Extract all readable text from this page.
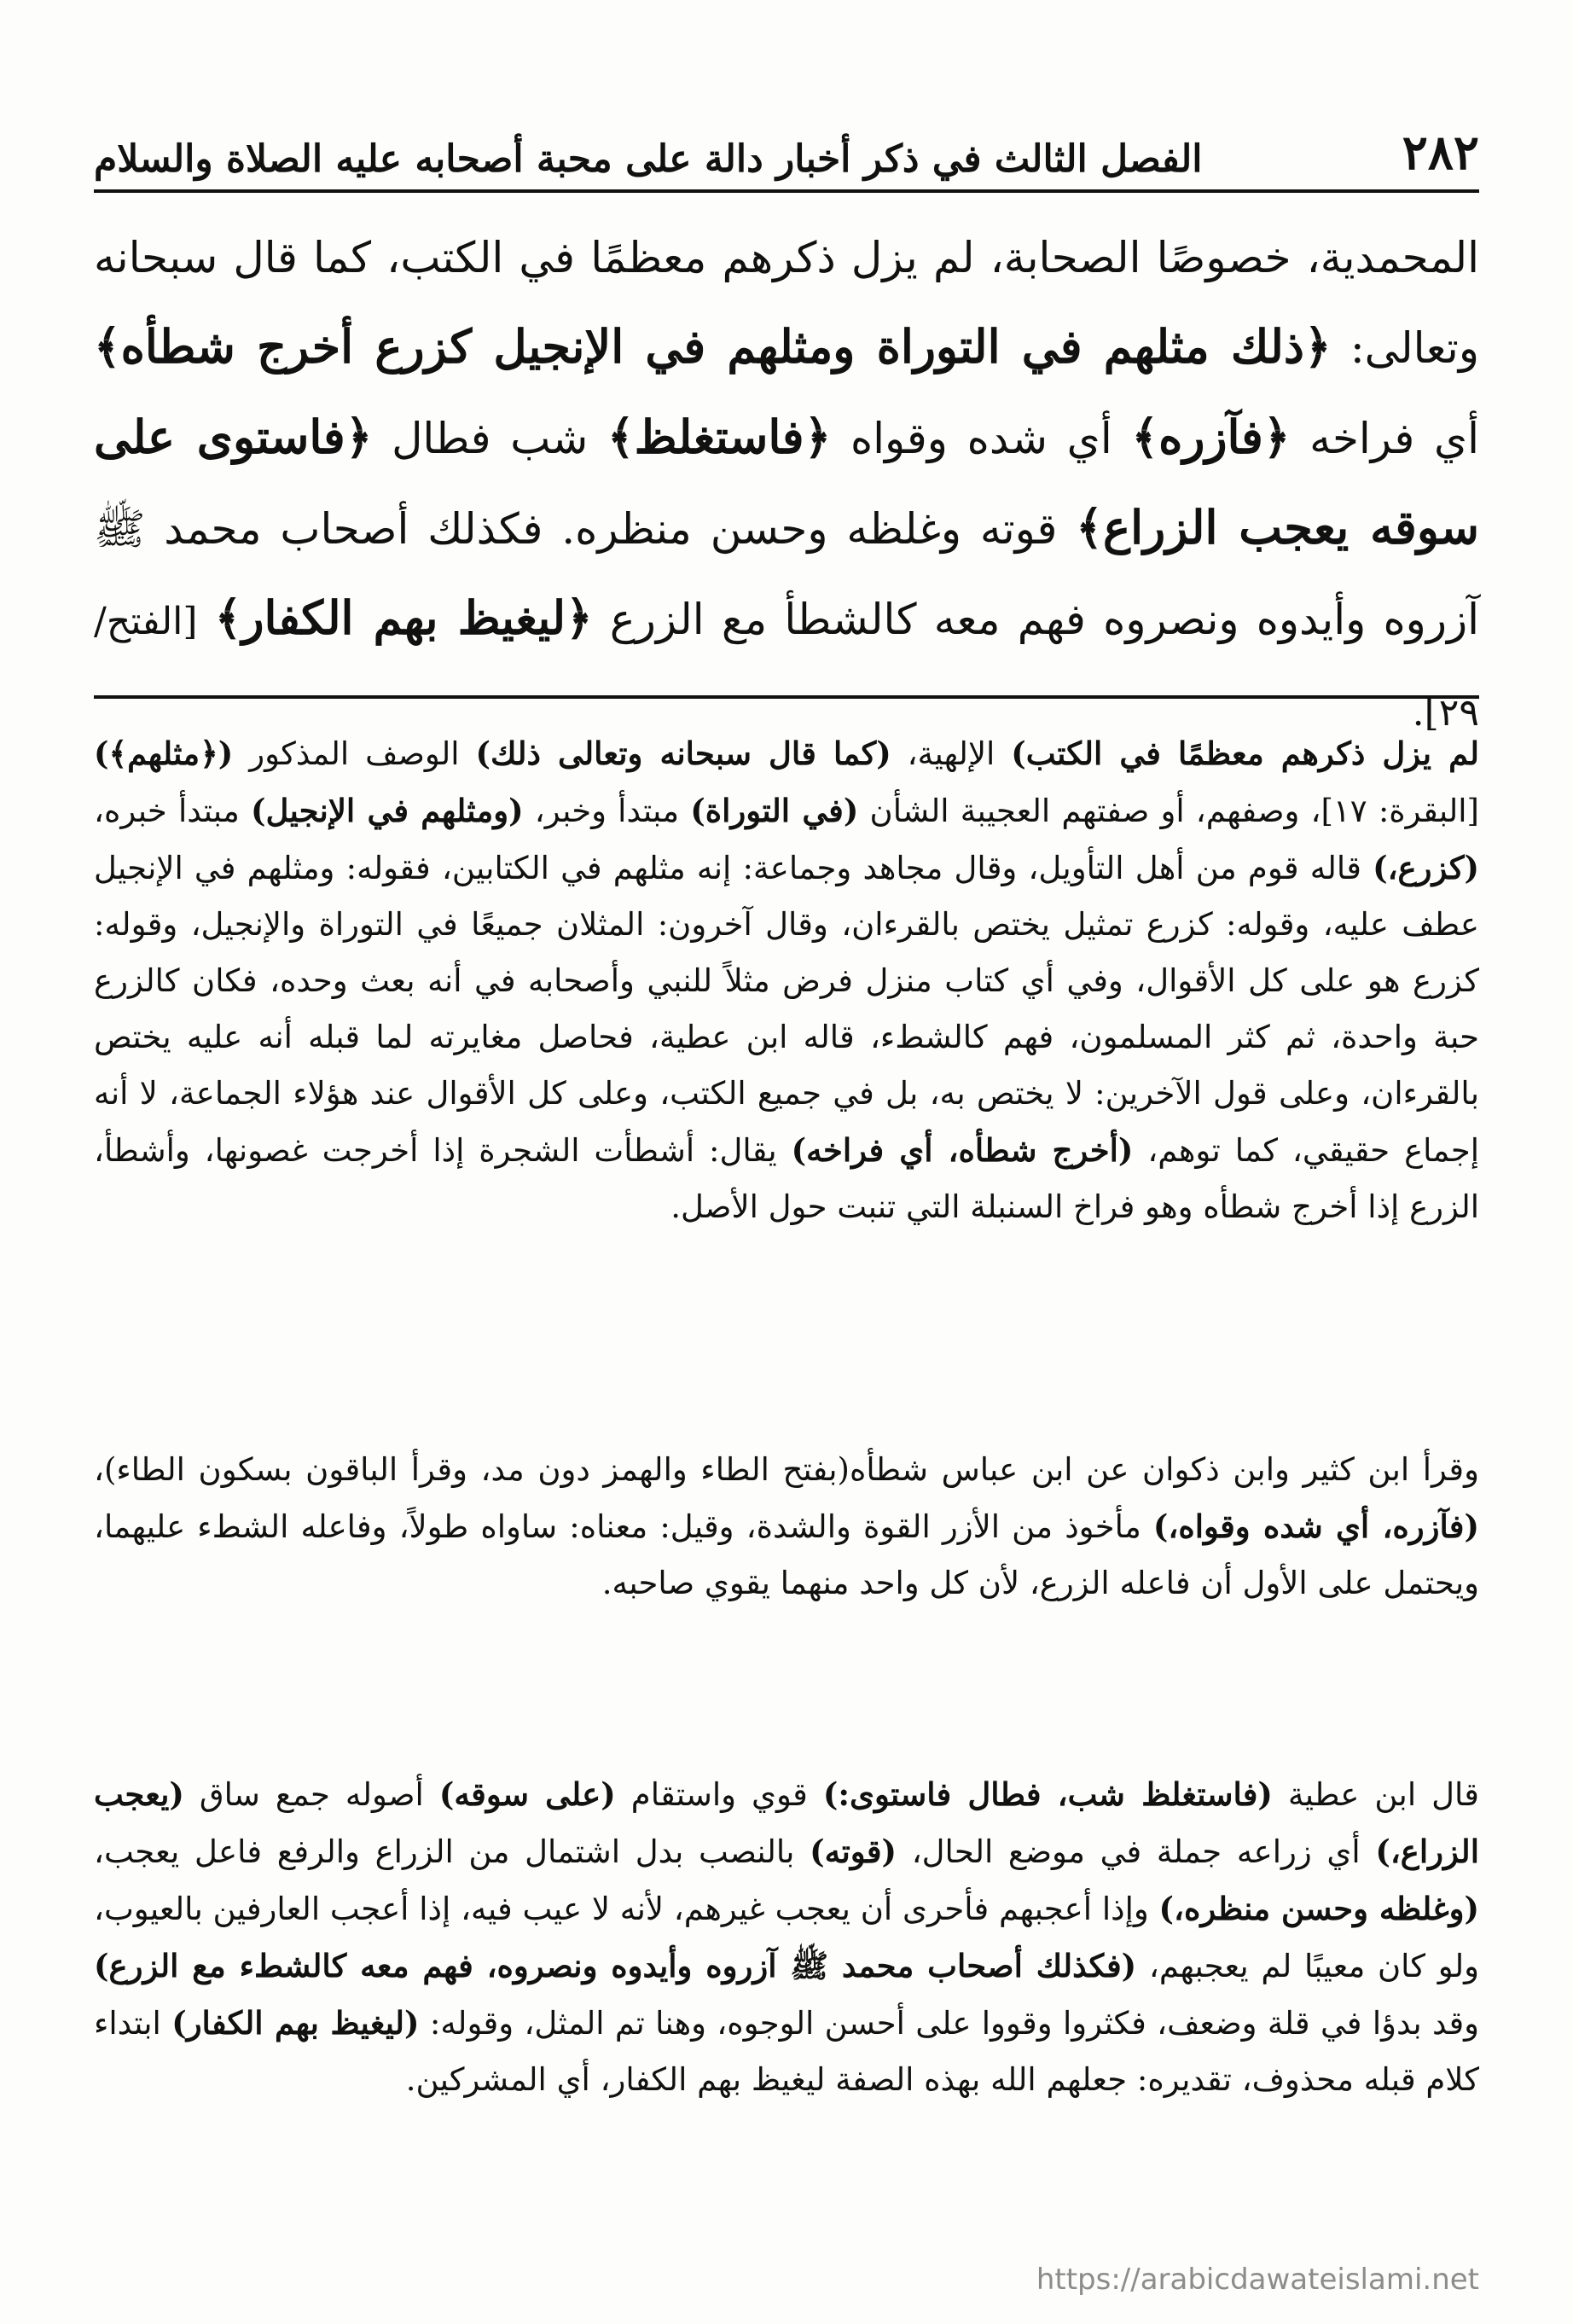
٢٨٢
الفصل الثالث في ذكر أخبار دالة على محبة أصحابه عليه الصلاة والسلام
المحمدية، خصوصًا الصحابة، لم يزل ذكرهم معظمًا في الكتب، كما قال سبحانه وتعالى: ﴿ذلك مثلهم في التوراة ومثلهم في الإنجيل كزرع أخرج شطأه﴾ أي فراخه ﴿فآزره﴾ أي شده وقواه ﴿فاستغلظ﴾ شب فطال ﴿فاستوى على سوقه يعجب الزراع﴾ قوته وغلظه وحسن منظره. فكذلك أصحاب محمد ﷺ آزروه وأيدوه ونصروه فهم معه كالشطأ مع الزرع ﴿ليغيظ بهم الكفار﴾ [الفتح/٢٩].

لم يزل ذكرهم معظمًا في الكتب) الإلهية، (كما قال سبحانه وتعالى ذلك) الوصف المذكور (﴿مثلهم﴾) [البقرة: ١٧]، وصفهم، أو صفتهم العجيبة الشأن (في التوراة) مبتدأ وخبر، (ومثلهم في الإنجيل) مبتدأ خبره، (كزرع،) قاله قوم من أهل التأويل، وقال مجاهد وجماعة: إنه مثلهم في الكتابين، فقوله: ومثلهم في الإنجيل عطف عليه، وقوله: كزرع تمثيل يختص بالقرءان، وقال آخرون: المثلان جميعًا في التوراة والإنجيل، وقوله: كزرع هو على كل الأقوال، وفي أي كتاب منزل فرض مثلاً للنبي وأصحابه في أنه بعث وحده، فكان كالزرع حبة واحدة، ثم كثر المسلمون، فهم كالشطء، قاله ابن عطية، فحاصل مغايرته لما قبله أنه عليه يختص بالقرءان، وعلى قول الآخرين: لا يختص به، بل في جميع الكتب، وعلى كل الأقوال عند هؤلاء الجماعة، لا أنه إجماع حقيقي، كما توهم، (أخرج شطأه، أي فراخه) يقال: أشطأت الشجرة إذا أخرجت غصونها، وأشطأ، الزرع إذا أخرج شطأه وهو فراخ السنبلة التي تنبت حول الأصل.

وقرأ ابن كثير وابن ذكوان عن ابن عباس شطأه(بفتح الطاء والهمز دون مد، وقرأ الباقون بسكون الطاء)، (فآزره، أي شده وقواه،) مأخوذ من الأزر القوة والشدة، وقيل: معناه: ساواه طولاً، وفاعله الشطء عليهما، ويحتمل على الأول أن فاعله الزرع، لأن كل واحد منهما يقوي صاحبه.

قال ابن عطية (فاستغلظ شب، فطال فاستوى:) قوي واستقام (على سوقه) أصوله جمع ساق (يعجب الزراع،) أي زراعه جملة في موضع الحال، (قوته) بالنصب بدل اشتمال من الزراع والرفع فاعل يعجب، (وغلظه وحسن منظره،) وإذا أعجبهم فأحرى أن يعجب غيرهم، لأنه لا عيب فيه، إذا أعجب العارفين بالعيوب، ولو كان معيبًا لم يعجبهم، (فكذلك أصحاب محمد ﷺ آزروه وأيدوه ونصروه، فهم معه كالشطء مع الزرع) وقد بدؤا في قلة وضعف، فكثروا وقووا على أحسن الوجوه، وهنا تم المثل، وقوله: (ليغيظ بهم الكفار) ابتداء كلام قبله محذوف، تقديره: جعلهم الله بهذه الصفة ليغيظ بهم الكفار، أي المشركين.

https://arabicdawateislami.net
